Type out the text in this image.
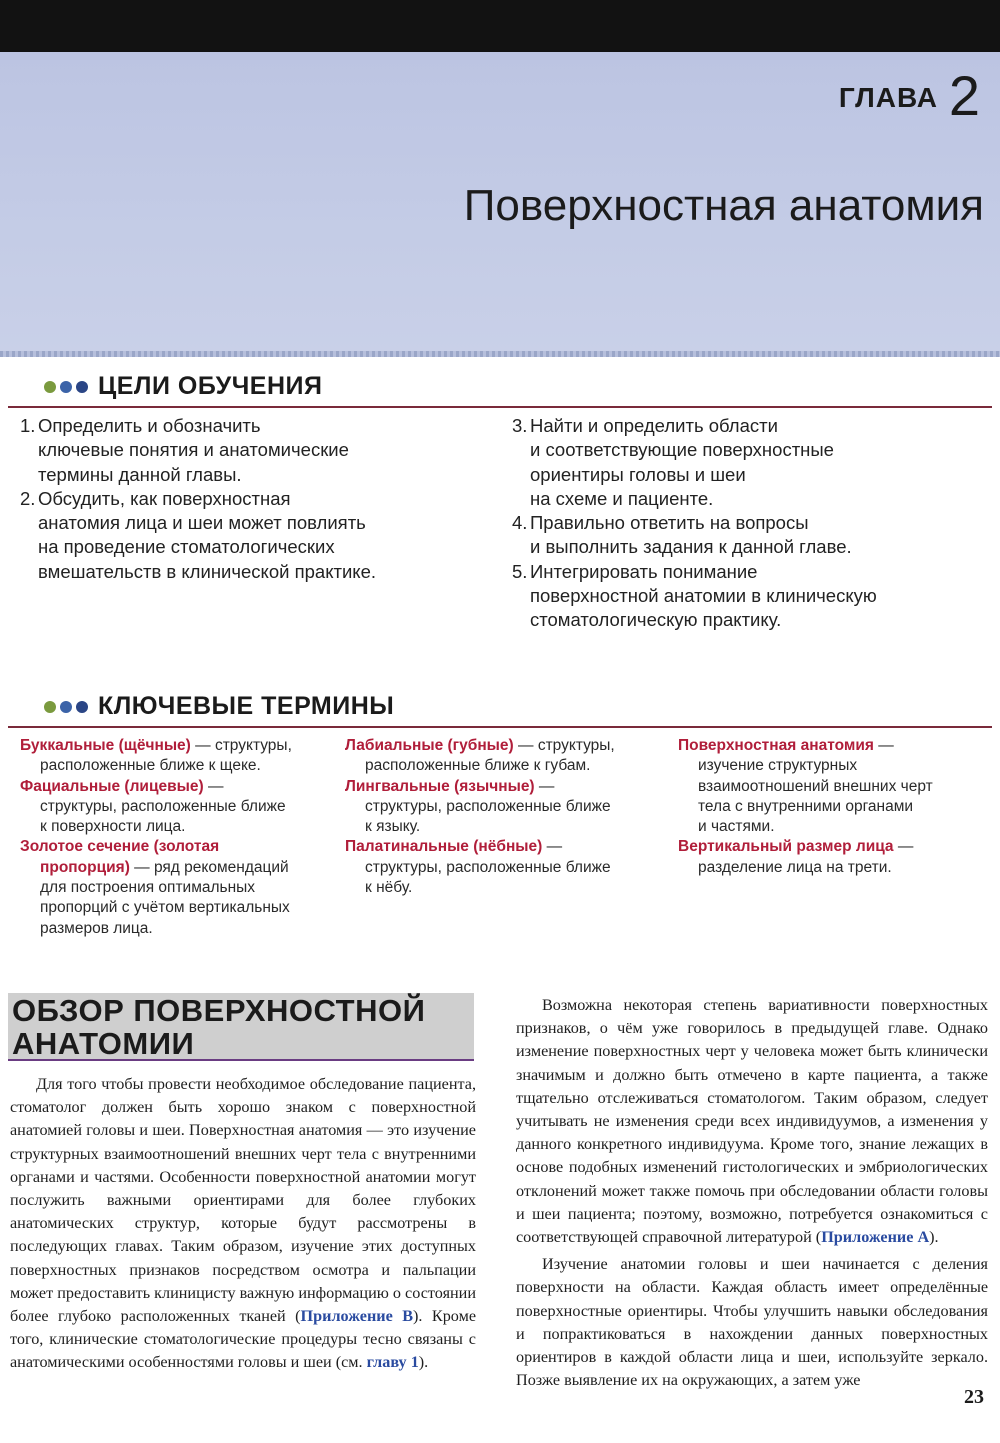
ГЛАВА 2
Поверхностная анатомия
ЦЕЛИ ОБУЧЕНИЯ
1. Определить и обозначить
ключевые понятия и анатомические
термины данной главы.
2. Обсудить, как поверхностная
анатомия лица и шеи может повлиять
на проведение стоматологических
вмешательств в клинической практике.
3. Найти и определить области
и соответствующие поверхностные
ориентиры головы и шеи
на схеме и пациенте.
4. Правильно ответить на вопросы
и выполнить задания к данной главе.
5. Интегрировать понимание
поверхностной анатомии в клиническую
стоматологическую практику.
КЛЮЧЕВЫЕ ТЕРМИНЫ
Буккальные (щёчные) — структуры,
расположенные ближе к щеке.
Фациальные (лицевые) —
структуры, расположенные ближе
к поверхности лица.
Золотое сечение (золотая

пропорция) — ряд рекомендаций
для построения оптимальных
пропорций с учётом вертикальных
размеров лица.
Лабиальные (губные) — структуры,
расположенные ближе к губам.
Лингвальные (язычные) —
структуры, расположенные ближе
к языку.
Палатинальные (нёбные) —
структуры, расположенные ближе
к нёбу.
Поверхностная анатомия —
изучение структурных
взаимоотношений внешних черт
тела с внутренними органами
и частями.
Вертикальный размер лица —
разделение лица на трети.
ОБЗОР ПОВЕРХНОСТНОЙ
АНАТОМИИ

Для того чтобы провести необходимое обследование пациента, стоматолог должен быть хорошо знаком с поверхностной анатомией головы и шеи. Поверхностная анатомия — это изучение структурных взаимоотношений внешних черт тела с внутренними органами и частями. Особенности поверхностной анатомии могут послужить важными ориентирами для более глубоких анатомических структур, которые будут рассмотрены в последующих главах. Таким образом, изучение этих доступных поверхностных признаков посредством осмотра и пальпации может предоставить клиницисту важную информацию о состоянии более глубоко расположенных тканей (Приложение В). Кроме того, клинические стоматологические процедуры тесно связаны с анатомическими особенностями головы и шеи (см. главу 1).

Возможна некоторая степень вариативности поверхностных признаков, о чём уже говорилось в предыдущей главе. Однако изменение поверхностных черт у человека может быть клинически значимым и должно быть отмечено в карте пациента, а также тщательно отслеживаться стоматологом. Таким образом, следует учитывать не изменения среди всех индивидуумов, а изменения у данного конкретного индивидуума. Кроме того, знание лежащих в основе подобных изменений гистологических и эмбриологических отклонений может также помочь при обследовании области головы и шеи пациента; поэтому, возможно, потребуется ознакомиться с соответствующей справочной литературой (Приложение А).

Изучение анатомии головы и шеи начинается с деления поверхности на области. Каждая область имеет определённые поверхностные ориентиры. Чтобы улучшить навыки обследования и попрактиковаться в нахождении данных поверхностных ориентиров в каждой области лица и шеи, используйте зеркало. Позже выявление их на окружающих, а затем уже

23
